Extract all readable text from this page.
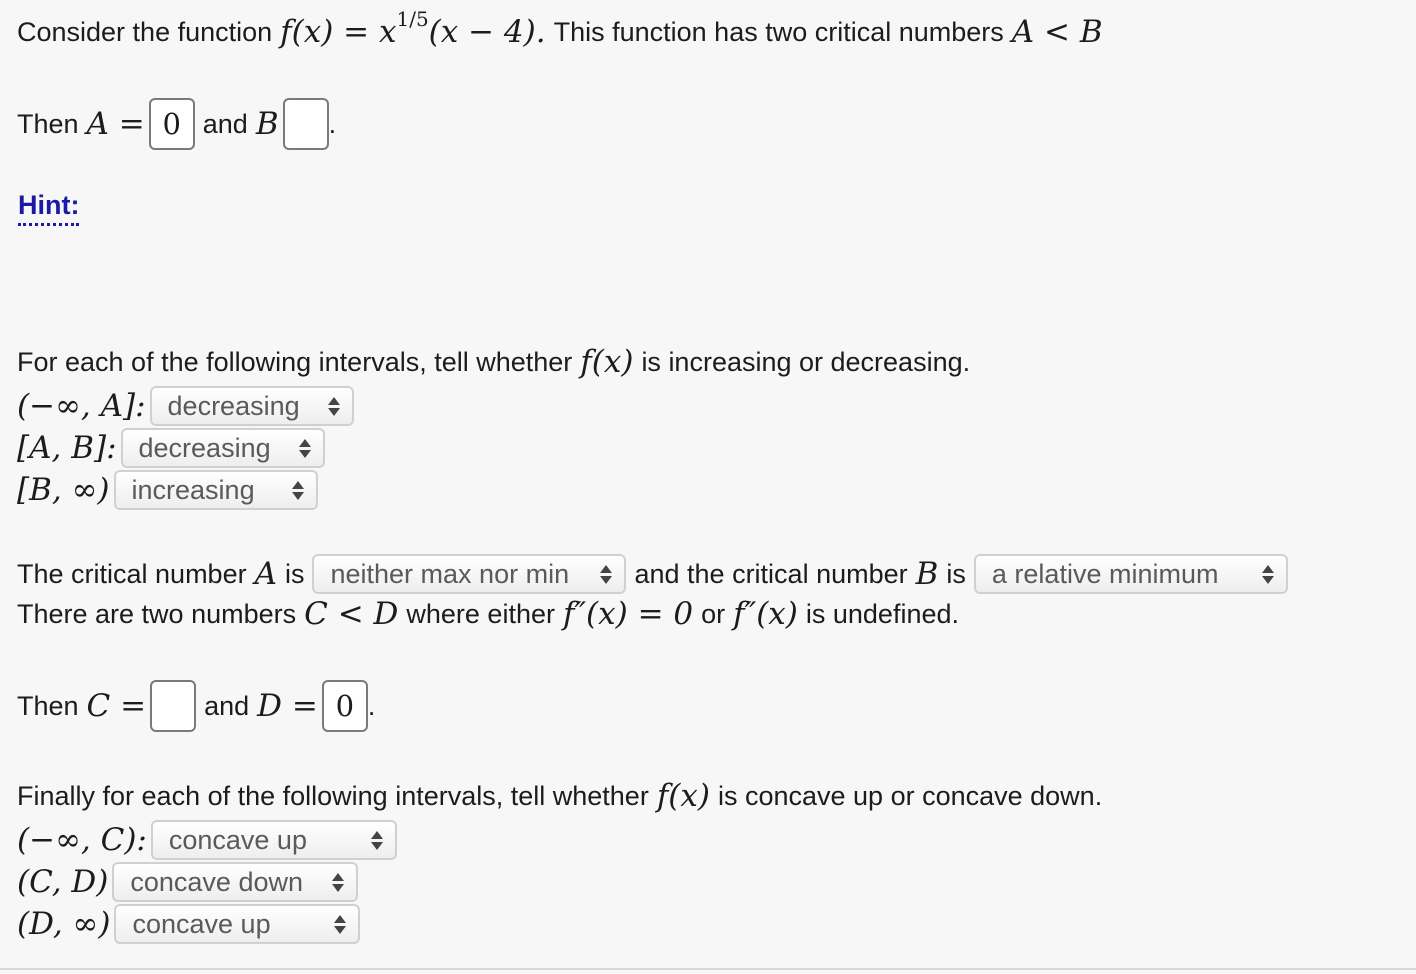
Consider the function f (x) = x 1/5 (x − 4). This function has two critical numbers A < B
Then A = 0 and B .
Hint:
For each of the following intervals, tell whether f(x) is increasing or decreasing.
(−∞, A]: decreasing
[A, B]: decreasing
[B, ∞) increasing
The critical number A is neither max nor min and the critical number B is a relative minimum
There are two numbers C < D where either f″(x) = 0 or f″(x) is undefined.
Then C = and D = 0 .
Finally for each of the following intervals, tell whether f(x) is concave up or concave down.
(−∞, C): concave up
(C, D) concave down
(D, ∞) concave up
